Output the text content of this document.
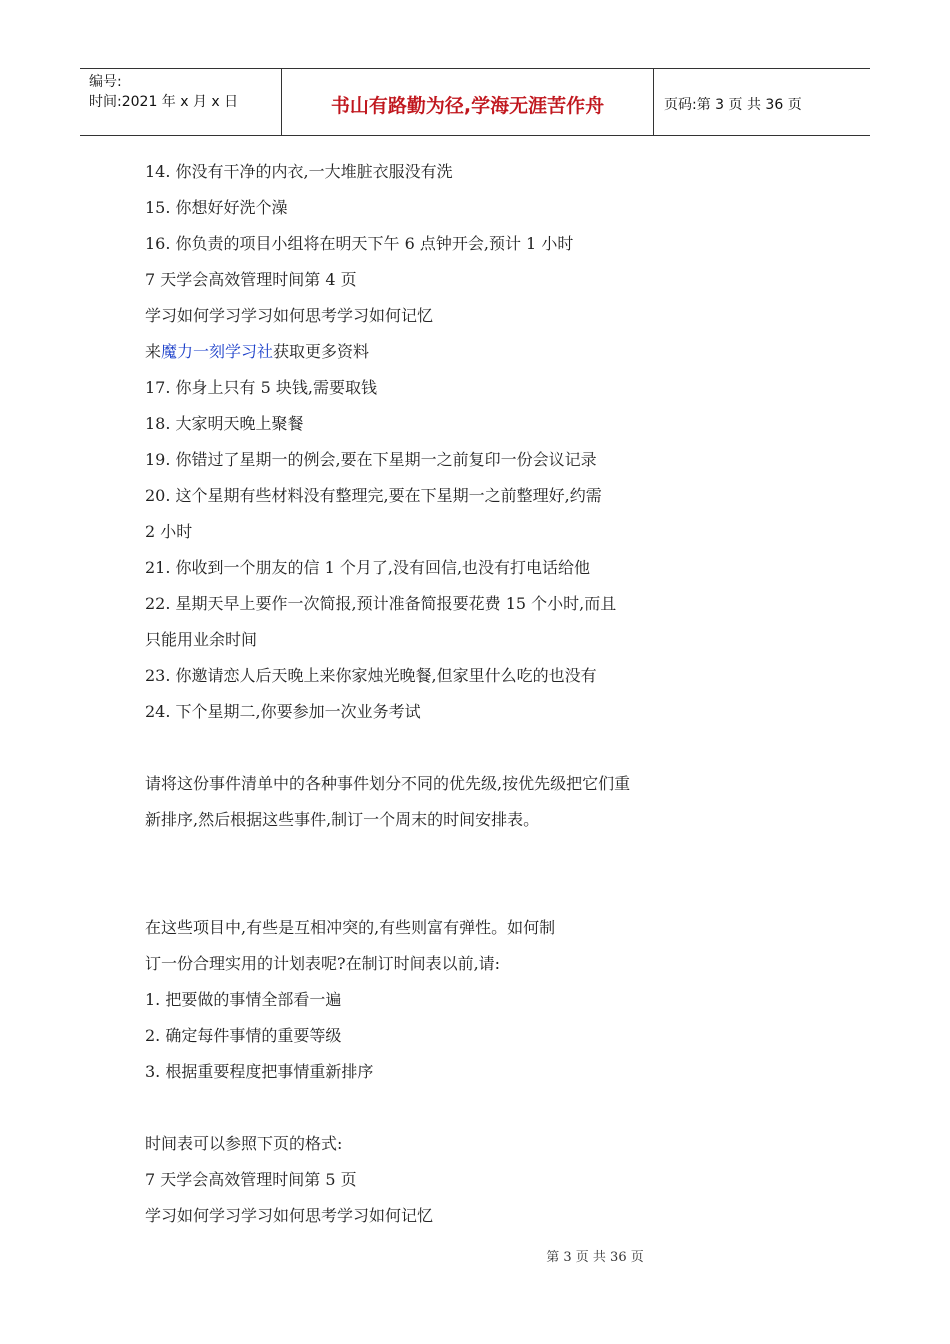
编号:
时间:2021 年 x 月 x 日	书山有路勤为径,学海无涯苦作舟	页码:第 3 页 共 36 页

14. 你没有干净的内衣,一大堆脏衣服没有洗

15. 你想好好洗个澡

16. 你负责的项目小组将在明天下午 6 点钟开会,预计 1 小时

7 天学会高效管理时间第 4 页

学习如何学习学习如何思考学习如何记忆

来魔力一刻学习社获取更多资料

17. 你身上只有 5 块钱,需要取钱

18. 大家明天晚上聚餐

19. 你错过了星期一的例会,要在下星期一之前复印一份会议记录

20. 这个星期有些材料没有整理完,要在下星期一之前整理好,约需

2 小时

21. 你收到一个朋友的信 1 个月了,没有回信,也没有打电话给他

22. 星期天早上要作一次简报,预计准备简报要花费 15 个小时,而且

只能用业余时间

23. 你邀请恋人后天晚上来你家烛光晚餐,但家里什么吃的也没有

24. 下个星期二,你要参加一次业务考试

请将这份事件清单中的各种事件划分不同的优先级,按优先级把它们重

新排序,然后根据这些事件,制订一个周末的时间安排表。

在这些项目中,有些是互相冲突的,有些则富有弹性。如何制

订一份合理实用的计划表呢?在制订时间表以前,请:

1. 把要做的事情全部看一遍

2. 确定每件事情的重要等级

3. 根据重要程度把事情重新排序

时间表可以参照下页的格式:

7 天学会高效管理时间第 5 页

学习如何学习学习如何思考学习如何记忆

第 3 页 共 36 页
